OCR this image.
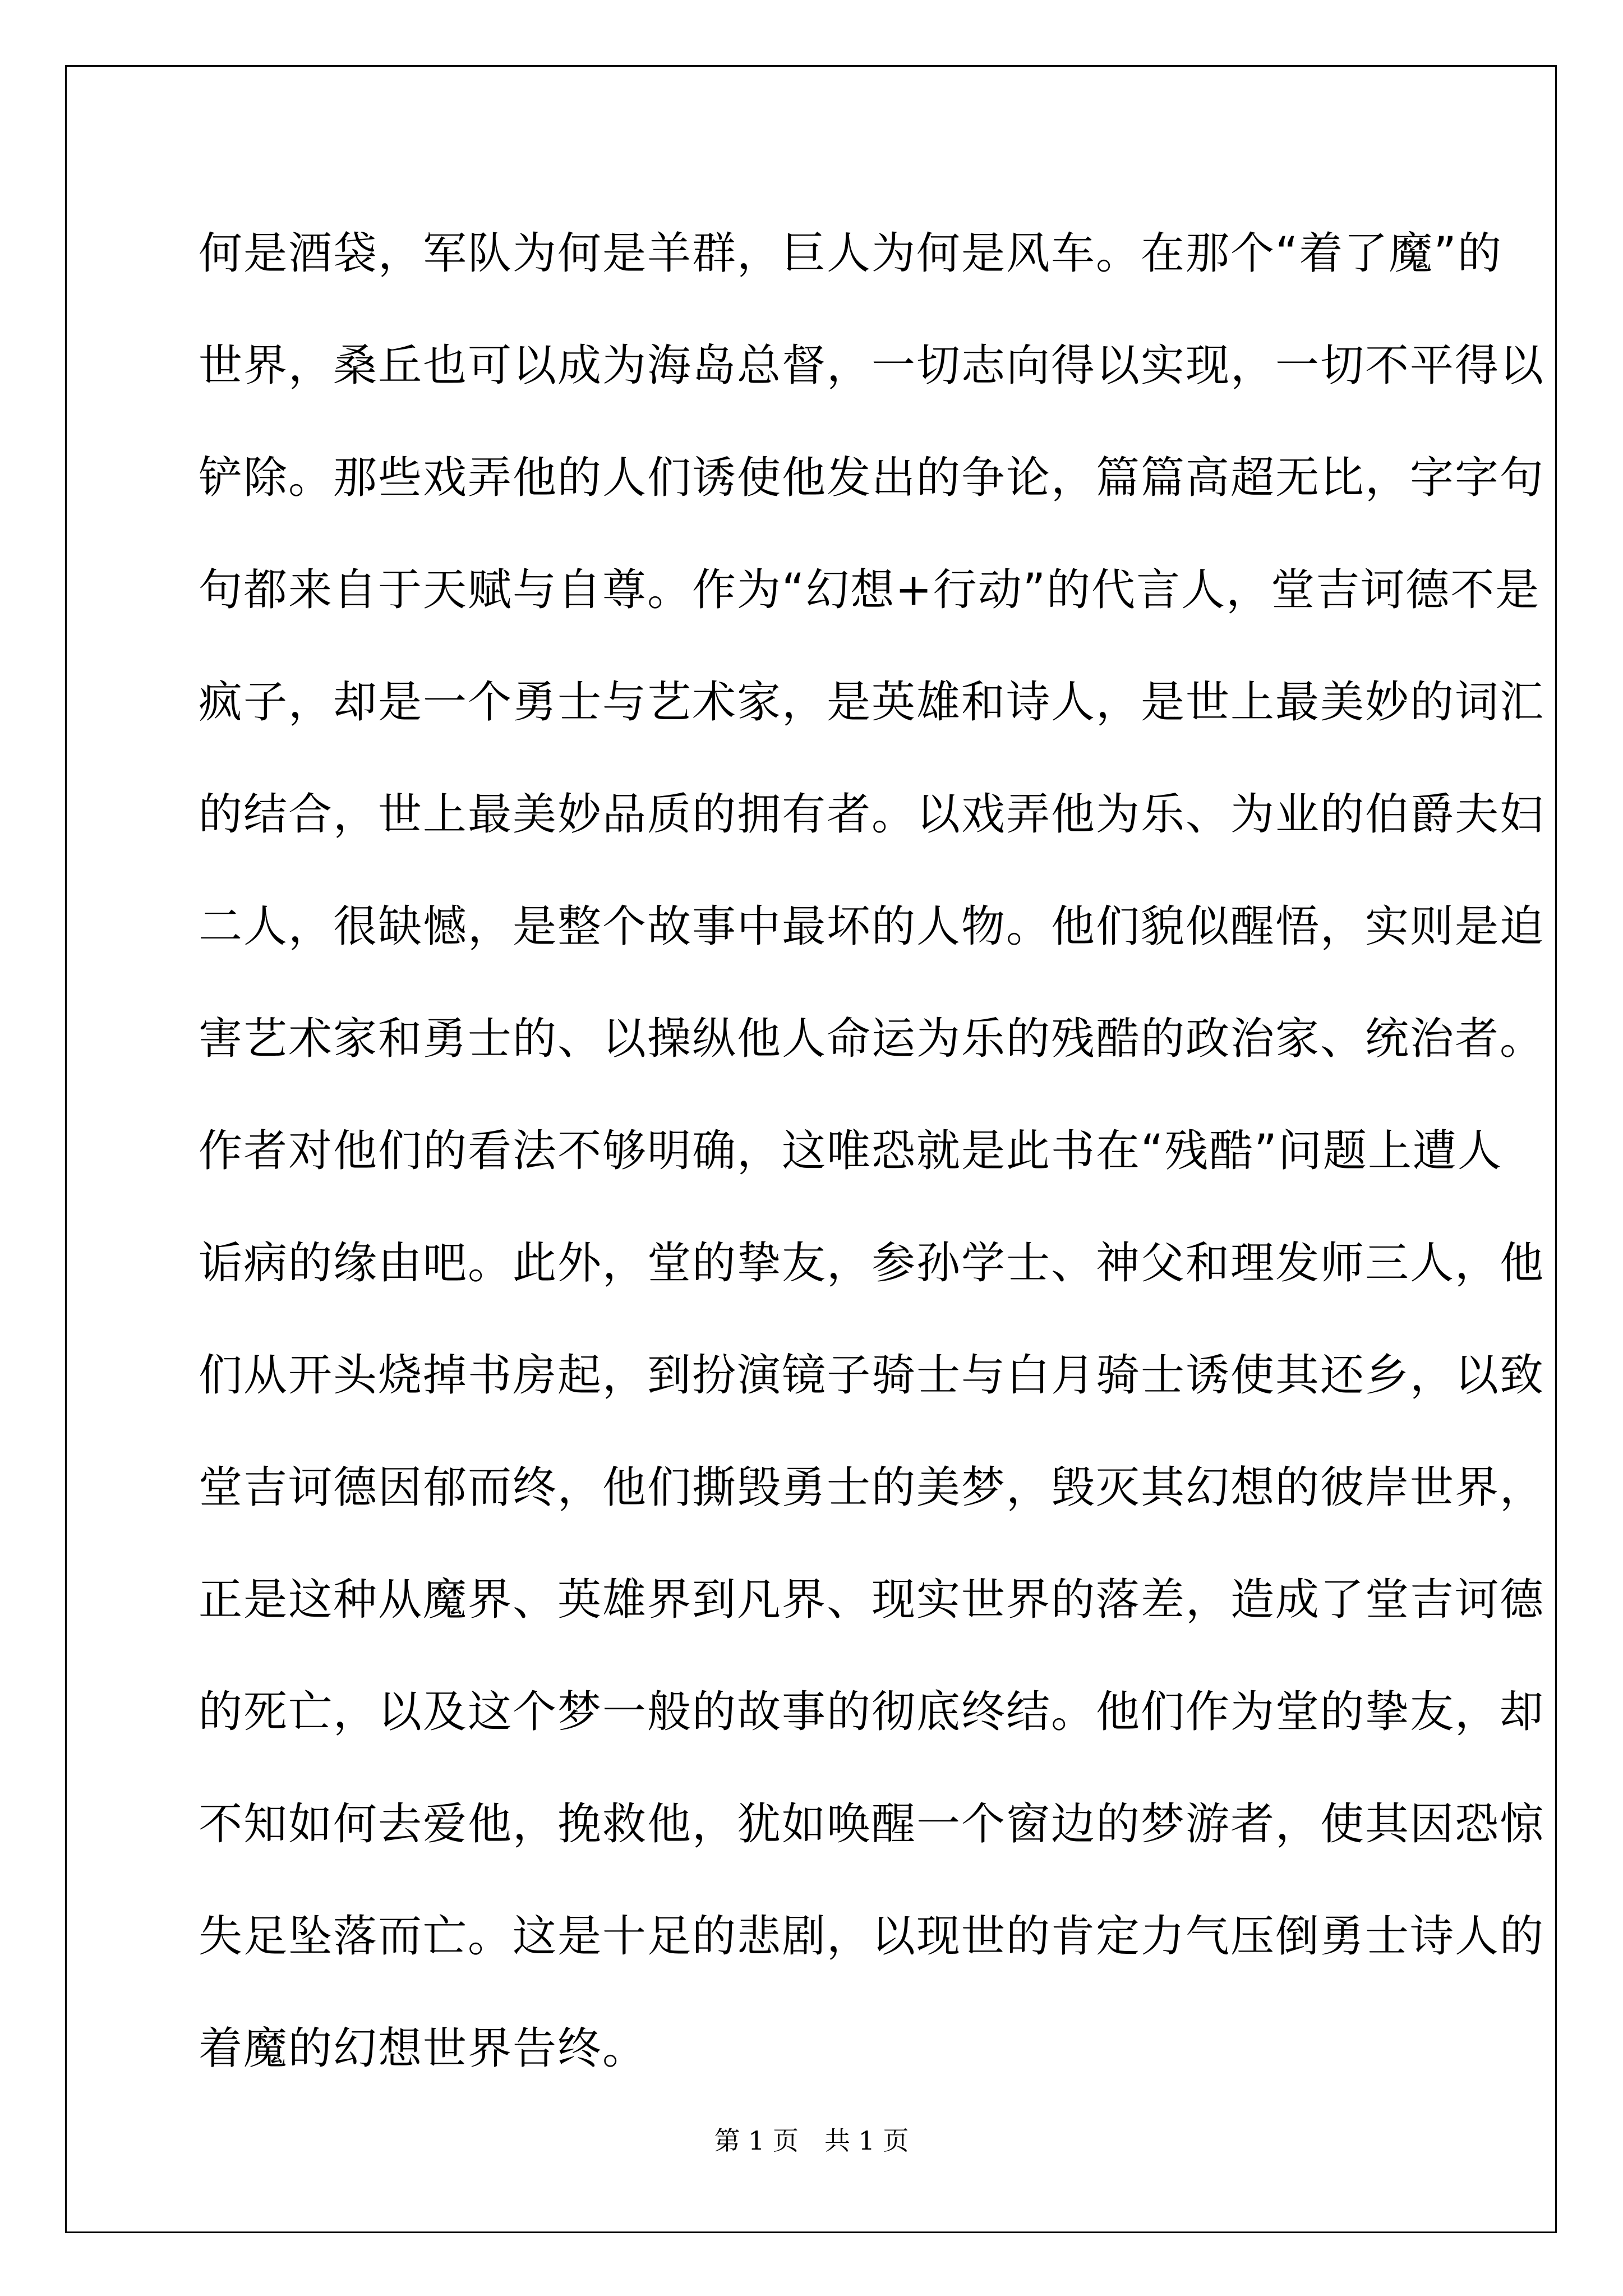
何是酒袋，军队为何是羊群，巨人为何是风车。在那个“着了魔”的
世界，桑丘也可以成为海岛总督，一切志向得以实现，一切不平得以
铲除。那些戏弄他的人们诱使他发出的争论，篇篇高超无比，字字句
句都来自于天赋与自尊。作为“幻想+行动”的代言人，堂吉诃德不是
疯子，却是一个勇士与艺术家，是英雄和诗人，是世上最美妙的词汇
的结合，世上最美妙品质的拥有者。以戏弄他为乐、为业的伯爵夫妇
二人，很缺憾，是整个故事中最坏的人物。他们貌似醒悟，实则是迫
害艺术家和勇士的、以操纵他人命运为乐的残酷的政治家、统治者。
作者对他们的看法不够明确，这唯恐就是此书在“残酷”问题上遭人
诟病的缘由吧。此外，堂的挚友，参孙学士、神父和理发师三人，他
们从开头烧掉书房起，到扮演镜子骑士与白月骑士诱使其还乡，以致
堂吉诃德因郁而终，他们撕毁勇士的美梦，毁灭其幻想的彼岸世界，
正是这种从魔界、英雄界到凡界、现实世界的落差，造成了堂吉诃德
的死亡，以及这个梦一般的故事的彻底终结。他们作为堂的挚友，却
不知如何去爱他，挽救他，犹如唤醒一个窗边的梦游者，使其因恐惊
失足坠落而亡。这是十足的悲剧，以现世的肯定力气压倒勇士诗人的
着魔的幻想世界告终。
第 1 页 共 1 页
